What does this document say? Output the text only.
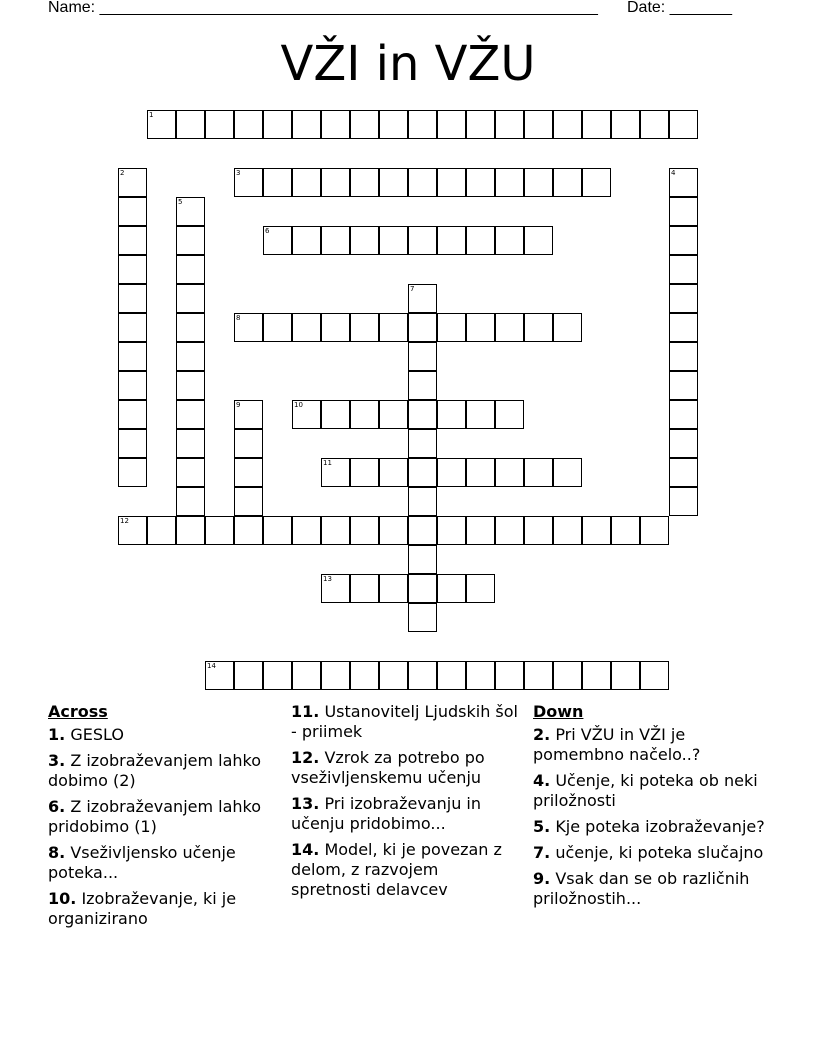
Name: ________________________________________________________ Date: _______
VŽI in VŽU
1
2	3	4
5
6
7
8
9	10
11
12
13
14
Across
1. GESLO
3. Z izobraževanjem lahko dobimo (2)
6. Z izobraževanjem lahko pridobimo (1)
8. Vseživljensko učenje poteka...
10. Izobraževanje, ki je organizirano
11. Ustanovitelj Ljudskih šol - priimek
12. Vzrok za potrebo po vseživljenskemu učenju
13. Pri izobraževanju in učenju pridobimo...
14. Model, ki je povezan z delom, z razvojem spretnosti delavcev
Down
2. Pri VŽU in VŽI je pomembno načelo..?
4. Učenje, ki poteka ob neki priložnosti
5. Kje poteka izobraževanje?
7. učenje, ki poteka slučajno
9. Vsak dan se ob različnih priložnostih...
